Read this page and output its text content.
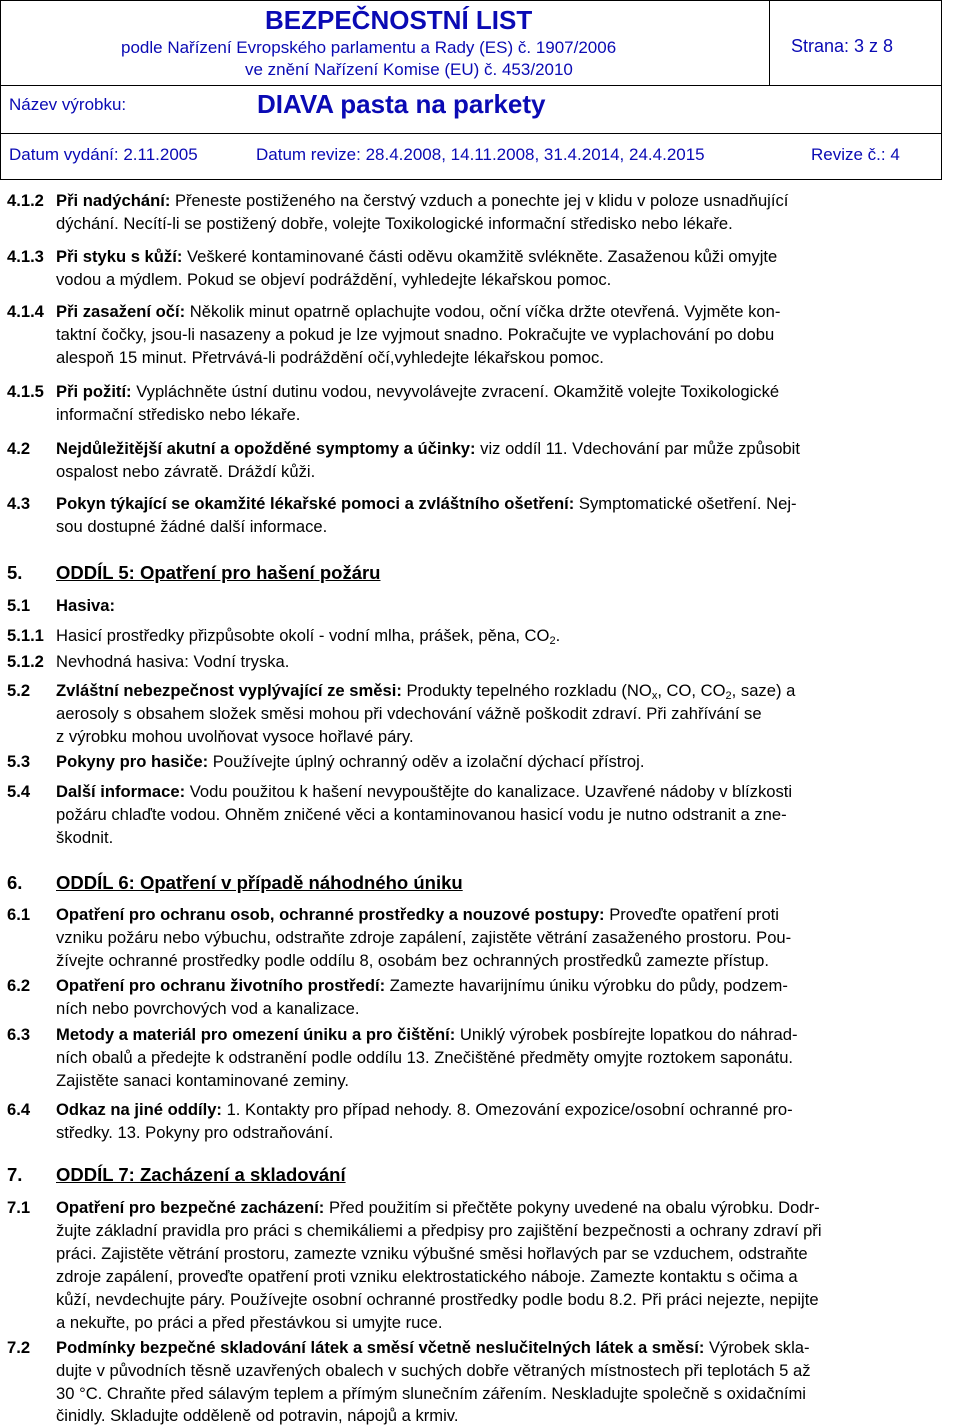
BEZPEČNOSTNÍ LIST
podle Nařízení Evropského parlamentu a Rady (ES) č. 1907/2006
ve znění Nařízení Komise (EU) č. 453/2010
Strana: 3 z 8
Název výrobku:	DIAVA pasta na parkety
Datum vydání: 2.11.2005	Datum revize: 28.4.2008, 14.11.2008, 31.4.2014, 24.4.2015	Revize č.: 4
4.1.2 Při nadýchání: Přeneste postiženého na čerstvý vzduch a ponechte jej v klidu v poloze usnadňující
dýchání. Necítí-li se postižený dobře, volejte Toxikologické informační středisko nebo lékaře.
4.1.3 Při styku s kůží: Veškeré kontaminované části oděvu okamžitě svlékněte. Zasaženou kůži omyjte
vodou a mýdlem. Pokud se objeví podráždění, vyhledejte lékařskou pomoc.
4.1.4 Při zasažení očí: Několik minut opatrně oplachujte vodou, oční víčka držte otevřená. Vyjměte kon-
taktní čočky, jsou-li nasazeny a pokud je lze vyjmout snadno. Pokračujte ve vyplachování po dobu
alespoň 15 minut. Přetrvává-li podráždění očí,vyhledejte lékařskou pomoc.
4.1.5 Při požití: Vypláchněte ústní dutinu vodou, nevyvolávejte zvracení. Okamžitě volejte Toxikologické
informační středisko nebo lékaře.
4.2 Nejdůležitější akutní a opožděné symptomy a účinky: viz oddíl 11. Vdechování par může způsobit
ospalost nebo závratě. Dráždí kůži.
4.3 Pokyn týkající se okamžité lékařské pomoci a zvláštního ošetření: Symptomatické ošetření. Nej-
sou dostupné žádné další informace.
5. ODDÍL 5: Opatření pro hašení požáru
5.1 Hasiva:
5.1.1 Hasicí prostředky přizpůsobte okolí - vodní mlha, prášek, pěna, $CO_2$.
5.1.2 Nevhodná hasiva: Vodní tryska.
5.2 Zvláštní nebezpečnost vyplývající ze směsi: Produkty tepelného rozkladu ($NO_x$, CO, $CO_2$, saze) a
aerosoly s obsahem složek směsi mohou při vdechování vážně poškodit zdraví. Při zahřívání se
z výrobku mohou uvolňovat vysoce hořlavé páry.
5.3 Pokyny pro hasiče: Používejte úplný ochranný oděv a izolační dýchací přístroj.
5.4 Další informace: Vodu použitou k hašení nevypouštějte do kanalizace. Uzavřené nádoby v blízkosti
požáru chlaďte vodou. Ohněm zničené věci a kontaminovanou hasicí vodu je nutno odstranit a zne-
škodnit.
6. ODDÍL 6: Opatření v případě náhodného úniku
6.1 Opatření pro ochranu osob, ochranné prostředky a nouzové postupy: Proveďte opatření proti
vzniku požáru nebo výbuchu, odstraňte zdroje zapálení, zajistěte větrání zasaženého prostoru. Pou-
žívejte ochranné prostředky podle oddílu 8, osobám bez ochranných prostředků zamezte přístup.
6.2 Opatření pro ochranu životního prostředí: Zamezte havarijnímu úniku výrobku do půdy, podzem-
ních nebo povrchových vod a kanalizace.
6.3 Metody a materiál pro omezení úniku a pro čištění: Uniklý výrobek posbírejte lopatkou do náhrad-
ních obalů a předejte k odstranění podle oddílu 13. Znečištěné předměty omyjte roztokem saponátu.
Zajistěte sanaci kontaminované zeminy.
6.4 Odkaz na jiné oddíly: 1. Kontakty pro případ nehody. 8. Omezování expozice/osobní ochranné pro-
středky. 13. Pokyny pro odstraňování.
7. ODDÍL 7: Zacházení a skladování
7.1 Opatření pro bezpečné zacházení: Před použitím si přečtěte pokyny uvedené na obalu výrobku. Dodr-
žujte základní pravidla pro práci s chemikáliemi a předpisy pro zajištění bezpečnosti a ochrany zdraví při
práci. Zajistěte větrání prostoru, zamezte vzniku výbušné směsi hořlavých par se vzduchem, odstraňte
zdroje zapálení, proveďte opatření proti vzniku elektrostatického náboje. Zamezte kontaktu s očima a
kůží, nevdechujte páry. Používejte osobní ochranné prostředky podle bodu 8.2. Při práci nejezte, nepijte
a nekuřte, po práci a před přestávkou si umyjte ruce.
7.2 Podmínky bezpečné skladování látek a směsí včetně neslučitelných látek a směsí: Výrobek skla-
dujte v původních těsně uzavřených obalech v suchých dobře větraných místnostech při teplotách 5 až
30 °C. Chraňte před sálavým teplem a přímým slunečním zářením. Neskladujte společně s oxidačními
činidly. Skladujte odděleně od potravin, nápojů a krmiv.
